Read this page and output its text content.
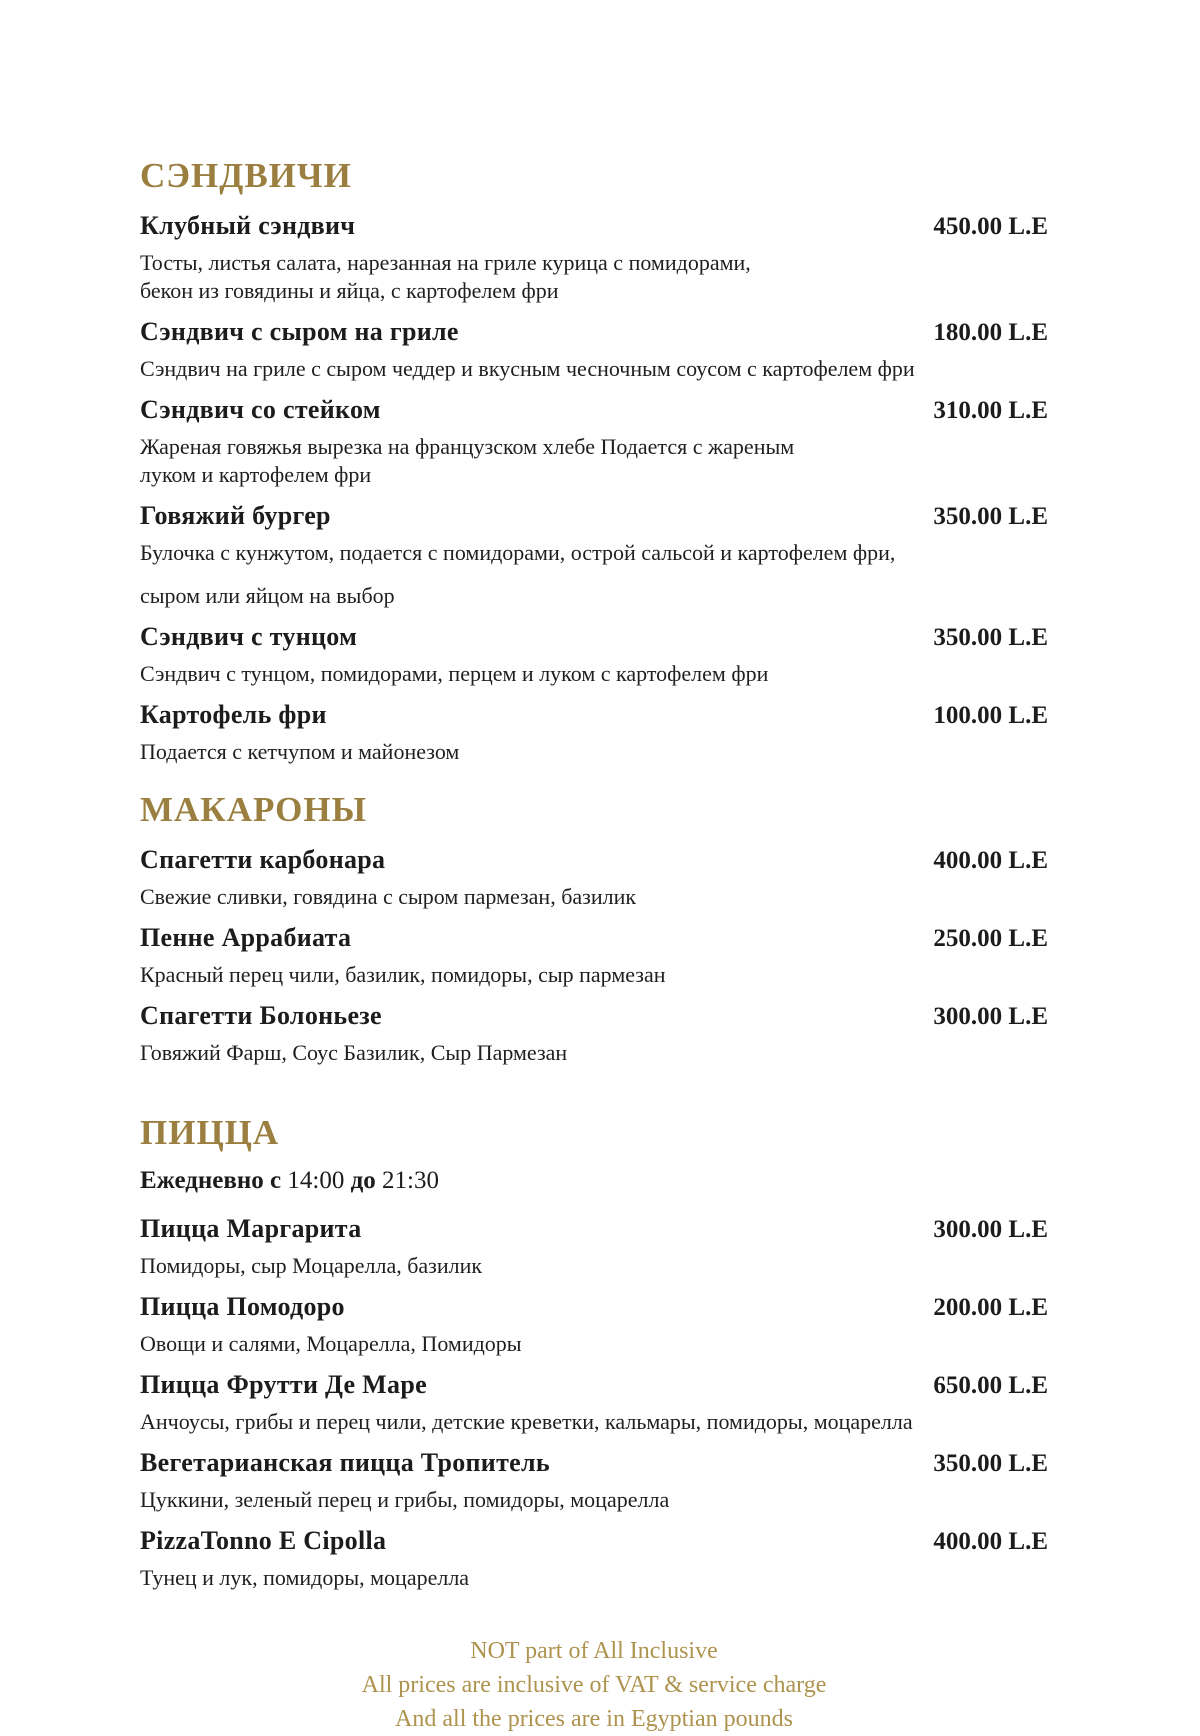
СЭНДВИЧИ
Клубный сэндвич	450.00 L.E
Тосты, листья салата, нарезанная на гриле курица с помидорами,
бекон из говядины и яйца, с картофелем фри
Сэндвич с сыром на гриле	180.00 L.E
Сэндвич на гриле с сыром чеддер и вкусным чесночным соусом с картофелем фри
Сэндвич со стейком	310.00 L.E
Жареная говяжья вырезка на французском хлебе Подается с жареным
луком и картофелем фри
Говяжий бургер	350.00 L.E
Булочка с кунжутом, подается с помидорами, острой сальсой и картофелем фри,
сыром или яйцом на выбор
Сэндвич с тунцом	350.00 L.E
Сэндвич с тунцом, помидорами, перцем и луком с картофелем фри
Картофель фри	100.00 L.E
Подается с кетчупом и майонезом
МАКАРОНЫ
Спагетти карбонара	400.00 L.E
Свежие сливки, говядина с сыром пармезан, базилик
Пенне Аррабиата	250.00 L.E
Красный перец чили, базилик, помидоры, сыр пармезан
Спагетти Болоньезе	300.00 L.E
Говяжий Фарш, Соус Базилик, Сыр Пармезан
ПИЦЦА

Ежедневно с 14:00 до 21:30

Пицца Маргарита	300.00 L.E
Помидоры, сыр Моцарелла, базилик
Пицца Помодоро	200.00 L.E
Овощи и салями, Моцарелла, Помидоры
Пицца Фрутти Де Маре	650.00 L.E
Анчоусы, грибы и перец чили, детские креветки, кальмары, помидоры, моцарелла
Вегетарианская пицца Тропитель	350.00 L.E
Цуккини, зеленый перец и грибы, помидоры, моцарелла
PizzaTonno E Cipolla	400.00 L.E
Тунец и лук, помидоры, моцарелла
NOT part of All Inclusive
All prices are inclusive of VAT & service charge
And all the prices are in Egyptian pounds
